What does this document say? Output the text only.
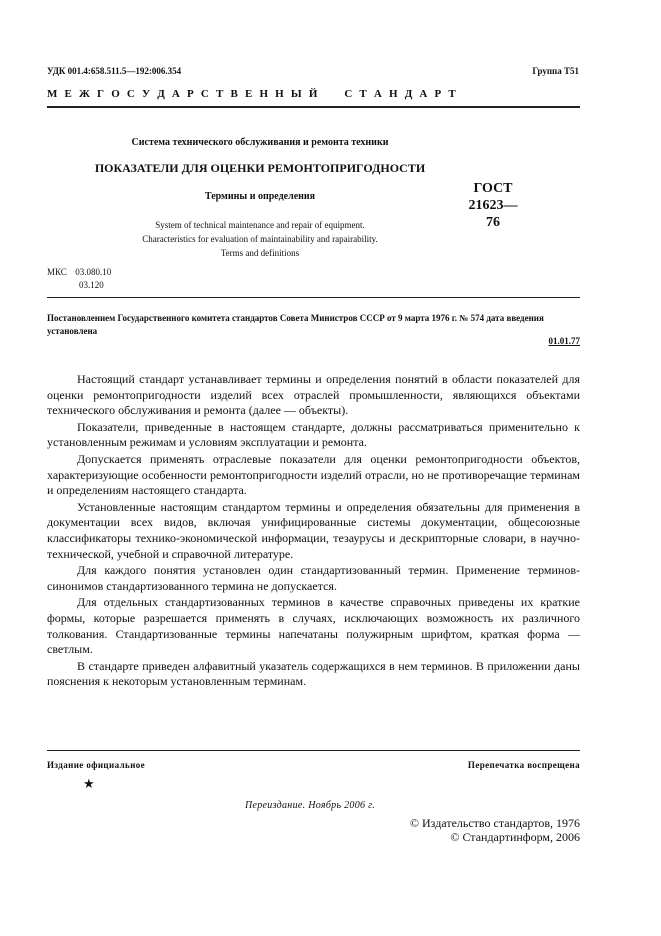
УДК 001.4:658.511.5—192:006.354	Группа Т51
М Е Ж Г О С У Д А Р С Т В Е Н Н Ы Й     С Т А Н Д А Р Т
Система технического обслуживания и ремонта техники
ПОКАЗАТЕЛИ ДЛЯ ОЦЕНКИ РЕМОНТОПРИГОДНОСТИ
Термины и определения
ГОСТ
21623—76
System of technical maintenance and repair of equipment.
Characteristics for evaluation of maintainability and rapairability.
Terms and definitions
МКС 03.080.10
03.120
Постановлением Государственного комитета стандартов Совета Министров СССР от 9 марта 1976 г. № 574 дата введения установлена
01.01.77

Настоящий стандарт устанавливает термины и определения понятий в области показателей для оценки ремонтопригодности изделий всех отраслей промышленности, являющихся объектами технического обслуживания и ремонта (далее — объекты).

Показатели, приведенные в настоящем стандарте, должны рассматриваться применительно к установленным режимам и условиям эксплуатации и ремонта.

Допускается применять отраслевые показатели для оценки ремонтопригодности объектов, характеризующие особенности ремонтопригодности изделий отрасли, но не противоречащие терминам и определениям настоящего стандарта.

Установленные настоящим стандартом термины и определения обязательны для применения в документации всех видов, включая унифицированные системы документации, общесоюзные классификаторы технико-экономической информации, тезаурусы и дескрипторные словари, в научно-технической, учебной и справочной литературе.

Для каждого понятия установлен один стандартизованный термин. Применение терминов-синонимов стандартизованного термина не допускается.

Для отдельных стандартизованных терминов в качестве справочных приведены их краткие формы, которые разрешается применять в случаях, исключающих возможность их различного толкования. Стандартизованные термины напечатаны полужирным шрифтом, краткая форма — светлым.

В стандарте приведен алфавитный указатель содержащихся в нем терминов. В приложении даны пояснения к некоторым установленным терминам.

Издание официальное	Перепечатка воспрещена
★
Переиздание. Ноябрь 2006 г.
© Издательство стандартов, 1976
© Стандартинформ, 2006
